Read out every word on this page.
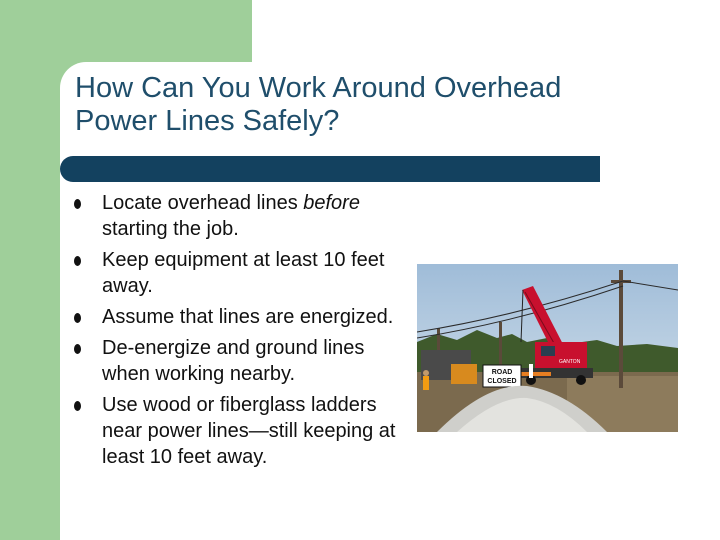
How Can You Work Around Overhead
Power Lines Safely?
Locate overhead lines before starting the job.
Keep equipment at least 10 feet away.
Assume that lines are energized.
De-energize and ground lines when working nearby.
Use wood or fiberglass ladders near power lines—still keeping at least 10 feet away.
GANTON
ROAD
CLOSED
